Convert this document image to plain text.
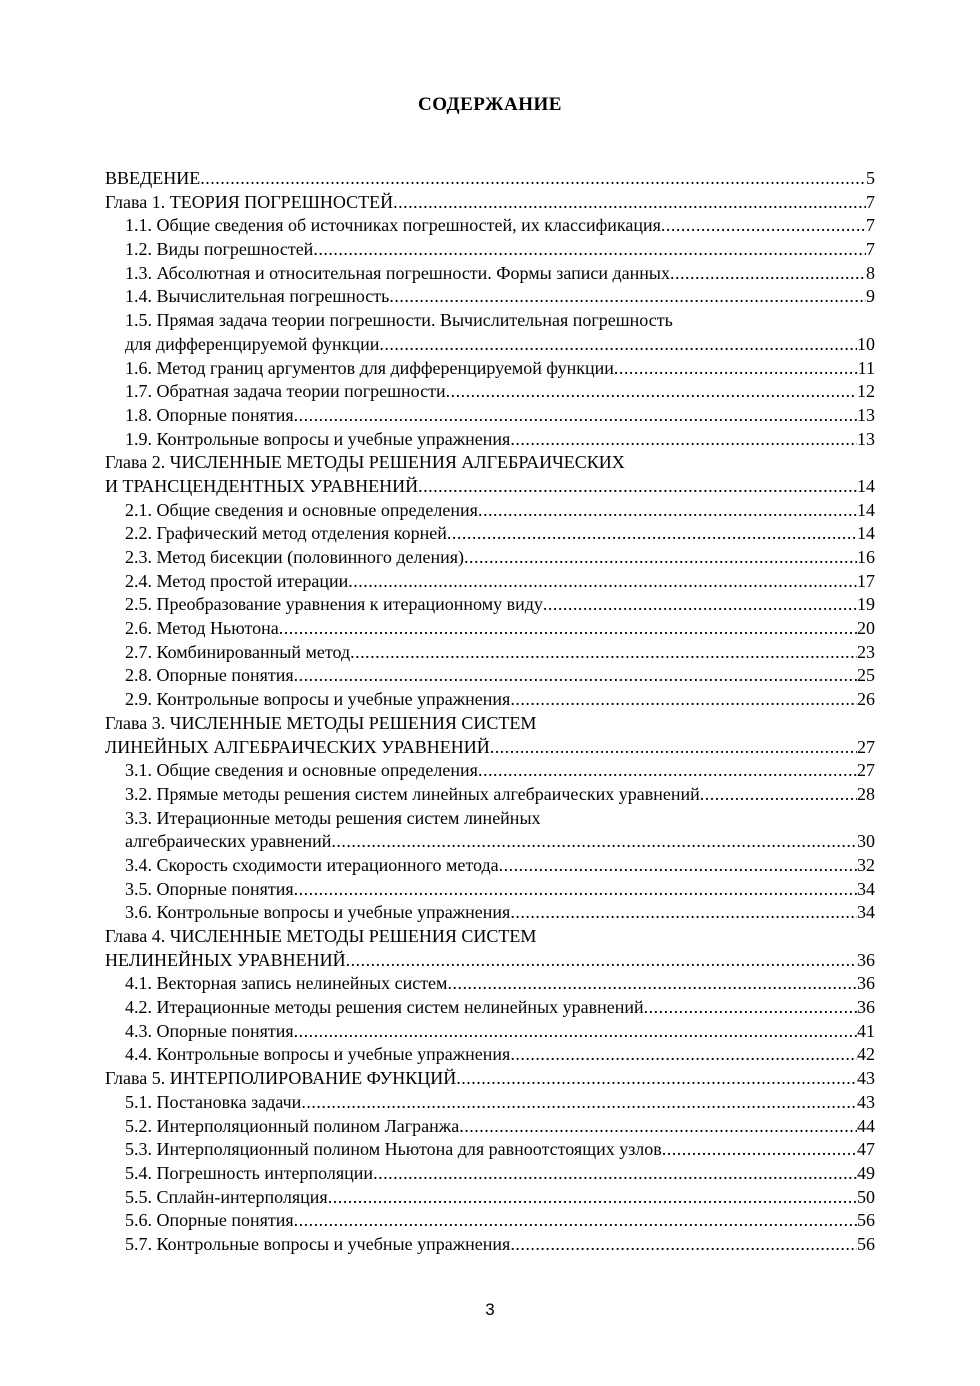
СОДЕРЖАНИЕ
ВВЕДЕНИЕ .....	5
Глава 1. ТЕОРИЯ ПОГРЕШНОСТЕЙ .....	7
1.1. Общие сведения об источниках погрешностей, их классификация .....	7
1.2. Виды погрешностей .....	7
1.3. Абсолютная и относительная погрешности. Формы записи данных .....	8
1.4. Вычислительная погрешность .....	9
1.5. Прямая задача теории погрешности. Вычислительная погрешность
для дифференцируемой функции .....	10
1.6. Метод границ аргументов для дифференцируемой функции .....	11
1.7. Обратная задача теории погрешности .....	12
1.8. Опорные понятия .....	13
1.9. Контрольные вопросы и учебные упражнения .....	13
Глава 2. ЧИСЛЕННЫЕ МЕТОДЫ РЕШЕНИЯ АЛГЕБРАИЧЕСКИХ
И ТРАНСЦЕНДЕНТНЫХ УРАВНЕНИЙ .....	14
2.1. Общие сведения и основные определения .....	14
2.2. Графический метод отделения корней .....	14
2.3. Метод бисекции (половинного деления) .....	16
2.4. Метод простой итерации .....	17
2.5. Преобразование уравнения к итерационному виду .....	19
2.6. Метод Ньютона .....	20
2.7. Комбинированный метод .....	23
2.8. Опорные понятия .....	25
2.9. Контрольные вопросы и учебные упражнения .....	26
Глава 3. ЧИСЛЕННЫЕ МЕТОДЫ РЕШЕНИЯ СИСТЕМ
ЛИНЕЙНЫХ АЛГЕБРАИЧЕСКИХ УРАВНЕНИЙ .....	27
3.1. Общие сведения и основные определения .....	27
3.2. Прямые методы решения систем линейных алгебраических уравнений .....	28
3.3. Итерационные методы решения систем линейных
алгебраических уравнений .....	30
3.4. Скорость сходимости итерационного метода .....	32
3.5. Опорные понятия .....	34
3.6. Контрольные вопросы и учебные упражнения .....	34
Глава 4. ЧИСЛЕННЫЕ МЕТОДЫ РЕШЕНИЯ СИСТЕМ
НЕЛИНЕЙНЫХ УРАВНЕНИЙ .....	36
4.1. Векторная запись нелинейных систем .....	36
4.2. Итерационные методы решения систем нелинейных уравнений .....	36
4.3. Опорные понятия .....	41
4.4. Контрольные вопросы и учебные упражнения .....	42
Глава 5. ИНТЕРПОЛИРОВАНИЕ ФУНКЦИЙ .....	43
5.1. Постановка задачи .....	43
5.2. Интерполяционный полином Лагранжа .....	44
5.3. Интерполяционный полином Ньютона для равноотстоящих узлов .....	47
5.4. Погрешность интерполяции .....	49
5.5. Сплайн-интерполяция .....	50
5.6. Опорные понятия .....	56
5.7. Контрольные вопросы и учебные упражнения .....	56
3
